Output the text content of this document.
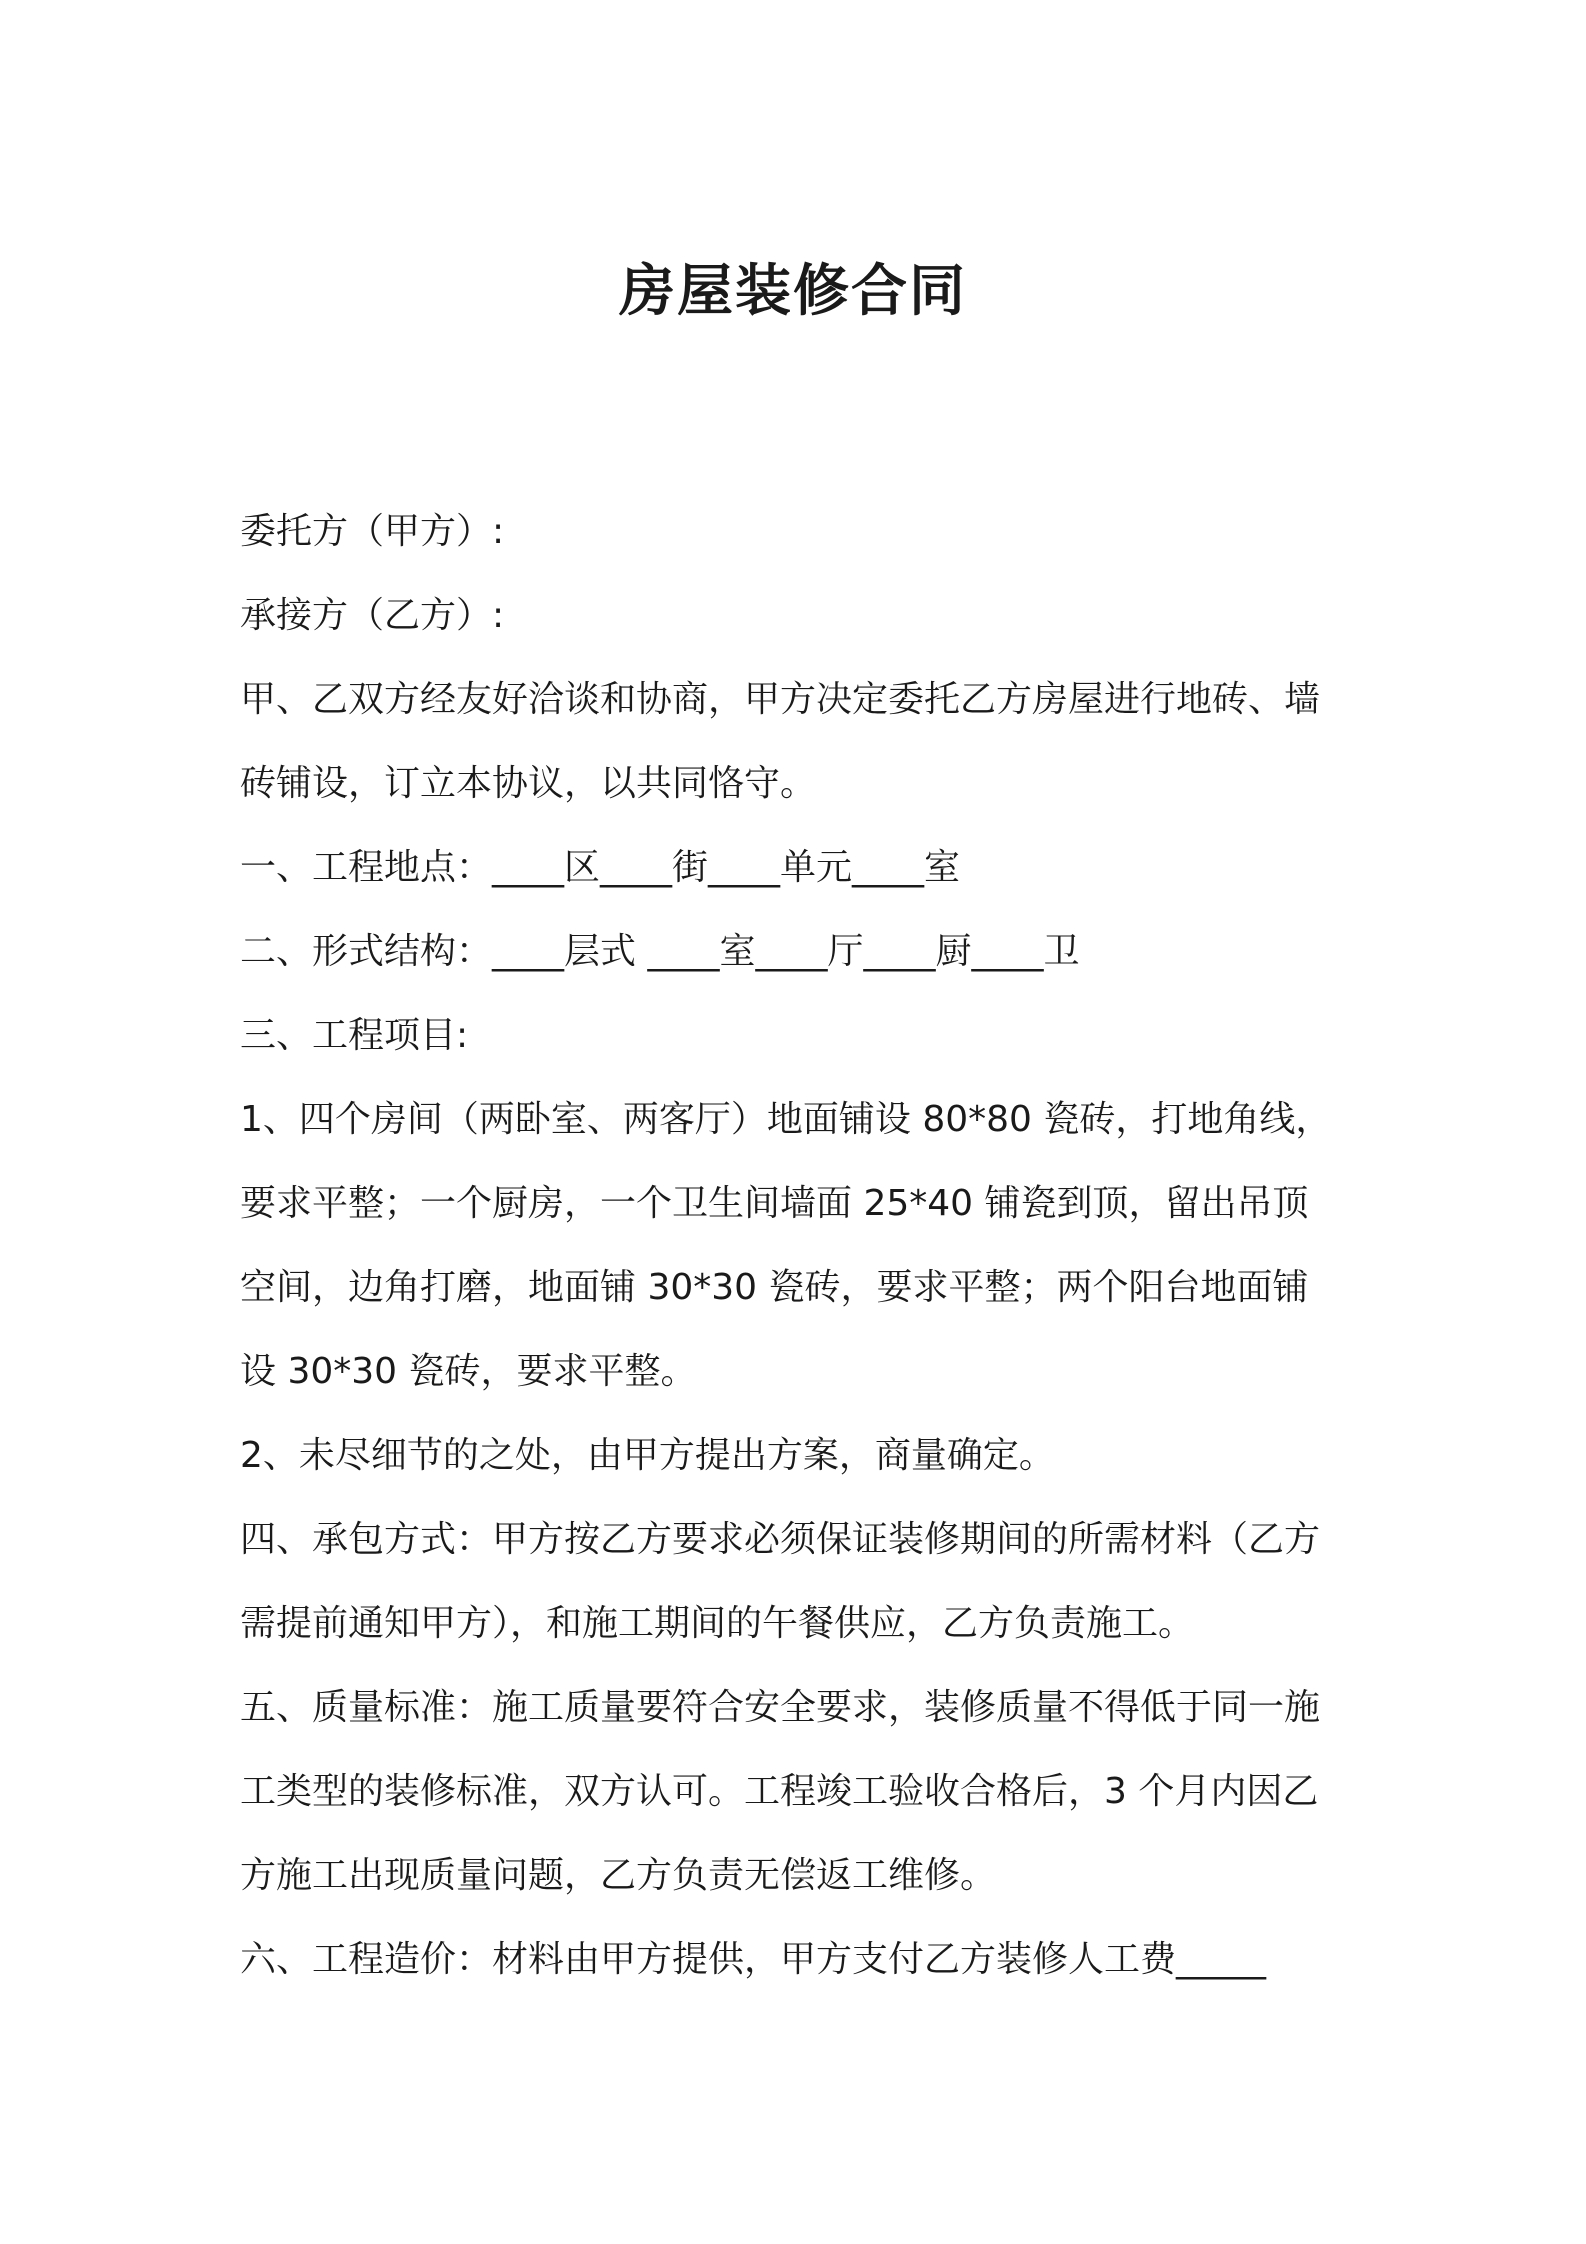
房屋装修合同

委托方（甲方）:

承接方（乙方）:

甲、乙双方经友好洽谈和协商，甲方决定委托乙方房屋进行地砖、墙

砖铺设，订立本协议，以共同恪守。

一、工程地点：____区____街____单元____室

二、形式结构：____层式 ____室____厅____厨____卫

三、工程项目:

1、四个房间（两卧室、两客厅）地面铺设 80*80 瓷砖，打地角线，

要求平整；一个厨房，一个卫生间墙面 25*40 铺瓷到顶，留出吊顶

空间，边角打磨，地面铺 30*30 瓷砖，要求平整；两个阳台地面铺

设 30*30 瓷砖，要求平整。

2、未尽细节的之处，由甲方提出方案，商量确定。

四、承包方式：甲方按乙方要求必须保证装修期间的所需材料（乙方

需提前通知甲方），和施工期间的午餐供应，乙方负责施工。

五、质量标准：施工质量要符合安全要求，装修质量不得低于同一施

工类型的装修标准，双方认可。工程竣工验收合格后，3 个月内因乙

方施工出现质量问题，乙方负责无偿返工维修。

六、工程造价：材料由甲方提供，甲方支付乙方装修人工费_____
